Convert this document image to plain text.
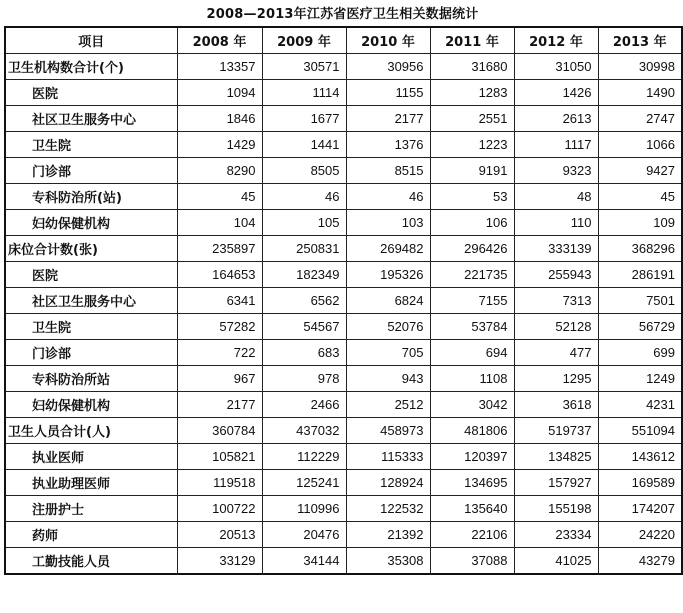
2008—2013年江苏省医疗卫生相关数据统计
项目	2008 年	2009 年	2010 年	2011 年	2012 年	2013 年
卫生机构数合计(个)	13357	30571	30956	31680	31050	30998
医院	1094	1114	1155	1283	1426	1490
社区卫生服务中心	1846	1677	2177	2551	2613	2747
卫生院	1429	1441	1376	1223	1117	1066
门诊部	8290	8505	8515	9191	9323	9427
专科防治所(站)	45	46	46	53	48	45
妇幼保健机构	104	105	103	106	110	109
床位合计数(张)	235897	250831	269482	296426	333139	368296
医院	164653	182349	195326	221735	255943	286191
社区卫生服务中心	6341	6562	6824	7155	7313	7501
卫生院	57282	54567	52076	53784	52128	56729
门诊部	722	683	705	694	477	699
专科防治所站	967	978	943	1108	1295	1249
妇幼保健机构	2177	2466	2512	3042	3618	4231
卫生人员合计(人)	360784	437032	458973	481806	519737	551094
执业医师	105821	112229	115333	120397	134825	143612
执业助理医师	119518	125241	128924	134695	157927	169589
注册护士	100722	110996	122532	135640	155198	174207
药师	20513	20476	21392	22106	23334	24220
工勤技能人员	33129	34144	35308	37088	41025	43279
